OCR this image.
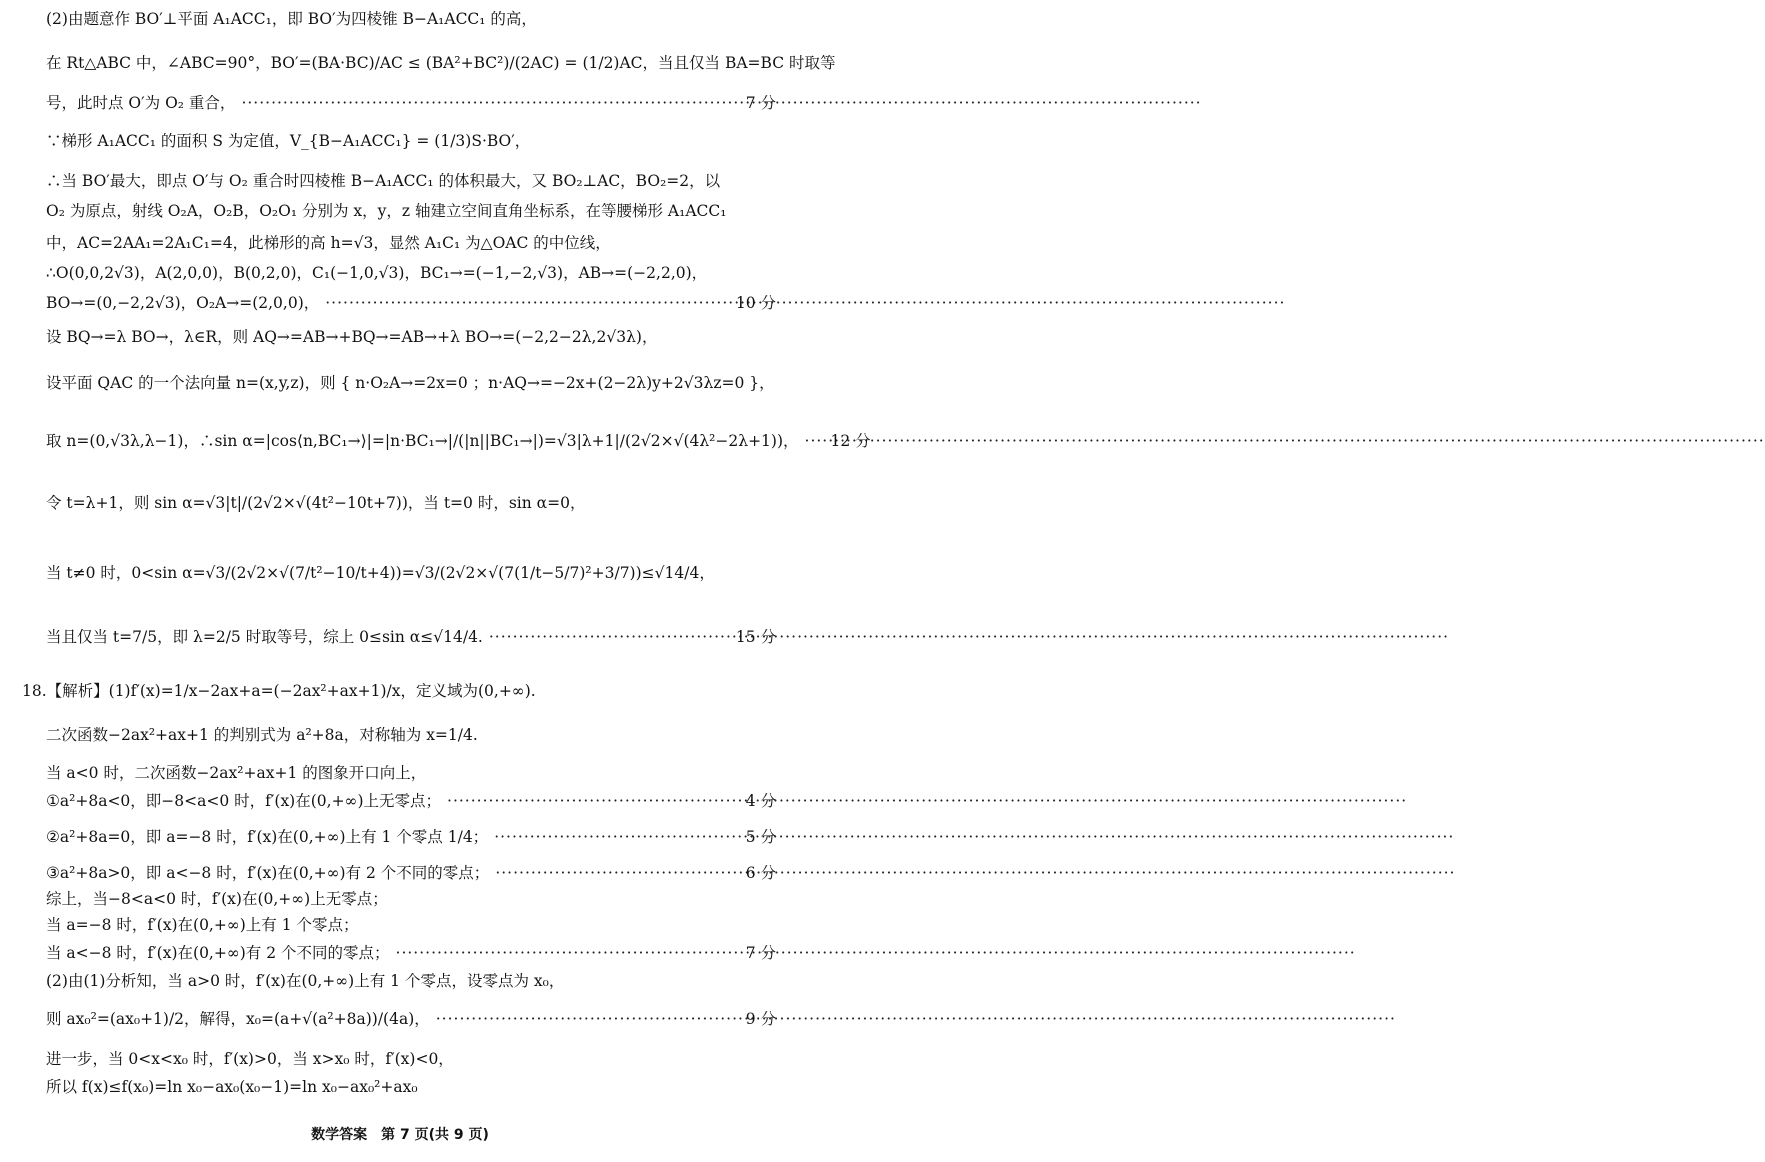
(2)由题意作 BO′⊥平面 A₁ACC₁，即 BO′为四棱锥 B−A₁ACC₁ 的高，
在 Rt△ABC 中，∠ABC=90°，BO′=(BA·BC)/AC ≤ (BA²+BC²)/(2AC) = (1/2)AC，当且仅当 BA=BC 时取等
号，此时点 O′为 O₂ 重合， ·····	7 分
∵梯形 A₁ACC₁ 的面积 S 为定值，V_{B−A₁ACC₁} = (1/3)S·BO′，
∴当 BO′最大，即点 O′与 O₂ 重合时四棱椎 B−A₁ACC₁ 的体积最大，又 BO₂⊥AC，BO₂=2，以
O₂ 为原点，射线 O₂A，O₂B，O₂O₁ 分别为 x，y，z 轴建立空间直角坐标系，在等腰梯形 A₁ACC₁
中，AC=2AA₁=2A₁C₁=4，此梯形的高 h=√3，显然 A₁C₁ 为△OAC 的中位线，
∴O(0,0,2√3)，A(2,0,0)，B(0,2,0)，C₁(−1,0,√3)，BC₁→=(−1,−2,√3)，AB→=(−2,2,0)，
BO→=(0,−2,2√3)，O₂A→=(2,0,0)， ·····	10 分
设 BQ→=λ BO→，λ∈R，则 AQ→=AB→+BQ→=AB→+λ BO→=(−2,2−2λ,2√3λ)，
设平面 QAC 的一个法向量 n=(x,y,z)，则 { n·O₂A→=2x=0 ；n·AQ→=−2x+(2−2λ)y+2√3λz=0 }，
取 n=(0,√3λ,λ−1)，∴sin α=|cos⟨n,BC₁→⟩|=|n·BC₁→|/(|n||BC₁→|)=√3|λ+1|/(2√2×√(4λ²−2λ+1))， ····· 12 分
令 t=λ+1，则 sin α=√3|t|/(2√2×√(4t²−10t+7))，当 t=0 时，sin α=0，
当 t≠0 时，0<sin α=√3/(2√2×√(7/t²−10/t+4))=√3/(2√2×√(7(1/t−5/7)²+3/7))≤√14/4，
当且仅当 t=7/5，即 λ=2/5 时取等号，综上 0≤sin α≤√14/4. ·····	15 分
18.【解析】(1)f′(x)=1/x−2ax+a=(−2ax²+ax+1)/x，定义域为(0,+∞).
二次函数−2ax²+ax+1 的判别式为 a²+8a，对称轴为 x=1/4.
当 a<0 时，二次函数−2ax²+ax+1 的图象开口向上，
①a²+8a<0，即−8<a<0 时，f′(x)在(0,+∞)上无零点； ·····	4 分
②a²+8a=0，即 a=−8 时，f′(x)在(0,+∞)上有 1 个零点 1/4； ·····	5 分
③a²+8a>0，即 a<−8 时，f′(x)在(0,+∞)有 2 个不同的零点； ·····	6 分
综上，当−8<a<0 时，f′(x)在(0,+∞)上无零点；
当 a=−8 时，f′(x)在(0,+∞)上有 1 个零点；
当 a<−8 时，f′(x)在(0,+∞)有 2 个不同的零点； ·····	7 分
(2)由(1)分析知，当 a>0 时，f′(x)在(0,+∞)上有 1 个零点，设零点为 x₀，
则 ax₀²=(ax₀+1)/2，解得，x₀=(a+√(a²+8a))/(4a)， ·····	9 分
进一步，当 0<x<x₀ 时，f′(x)>0，当 x>x₀ 时，f′(x)<0，
所以 f(x)≤f(x₀)=ln x₀−ax₀(x₀−1)=ln x₀−ax₀²+ax₀
数学答案　第 7 页(共 9 页)
